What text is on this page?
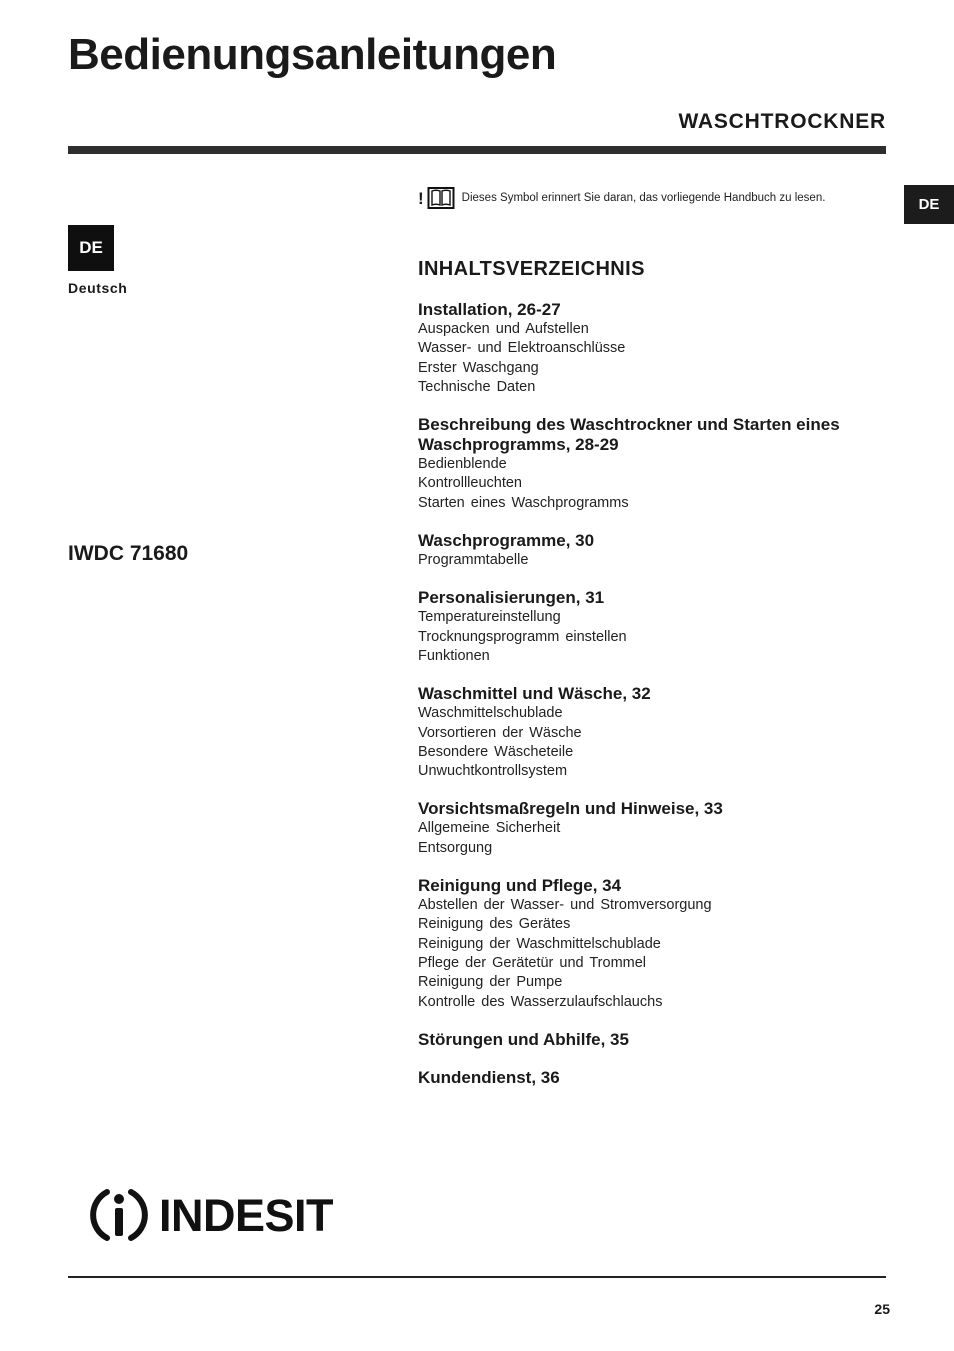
Bedienungsanleitungen
WASCHTROCKNER
DE
DE
Deutsch
IWDC 71680
!	Dieses Symbol erinnert Sie daran, das vorliegende Handbuch zu lesen.
INHALTSVERZEICHNIS
Installation, 26-27
Auspacken und Aufstellen
Wasser- und Elektroanschlüsse
Erster Waschgang
Technische Daten
Beschreibung des Waschtrockner und Starten eines Waschprogramms, 28-29
Bedienblende
Kontrollleuchten
Starten eines Waschprogramms
Waschprogramme, 30
Programmtabelle
Personalisierungen, 31
Temperatureinstellung
Trocknungsprogramm einstellen
Funktionen
Waschmittel und Wäsche, 32
Waschmittelschublade
Vorsortieren der Wäsche
Besondere Wäscheteile
Unwuchtkontrollsystem
Vorsichtsmaßregeln und Hinweise, 33
Allgemeine Sicherheit
Entsorgung
Reinigung und Pflege, 34
Abstellen der Wasser- und Stromversorgung
Reinigung des Gerätes
Reinigung der Waschmittelschublade
Pflege der Gerätetür und Trommel
Reinigung der Pumpe
Kontrolle des Wasserzulaufschlauchs
Störungen und Abhilfe, 35
Kundendienst, 36
INDESIT
25
